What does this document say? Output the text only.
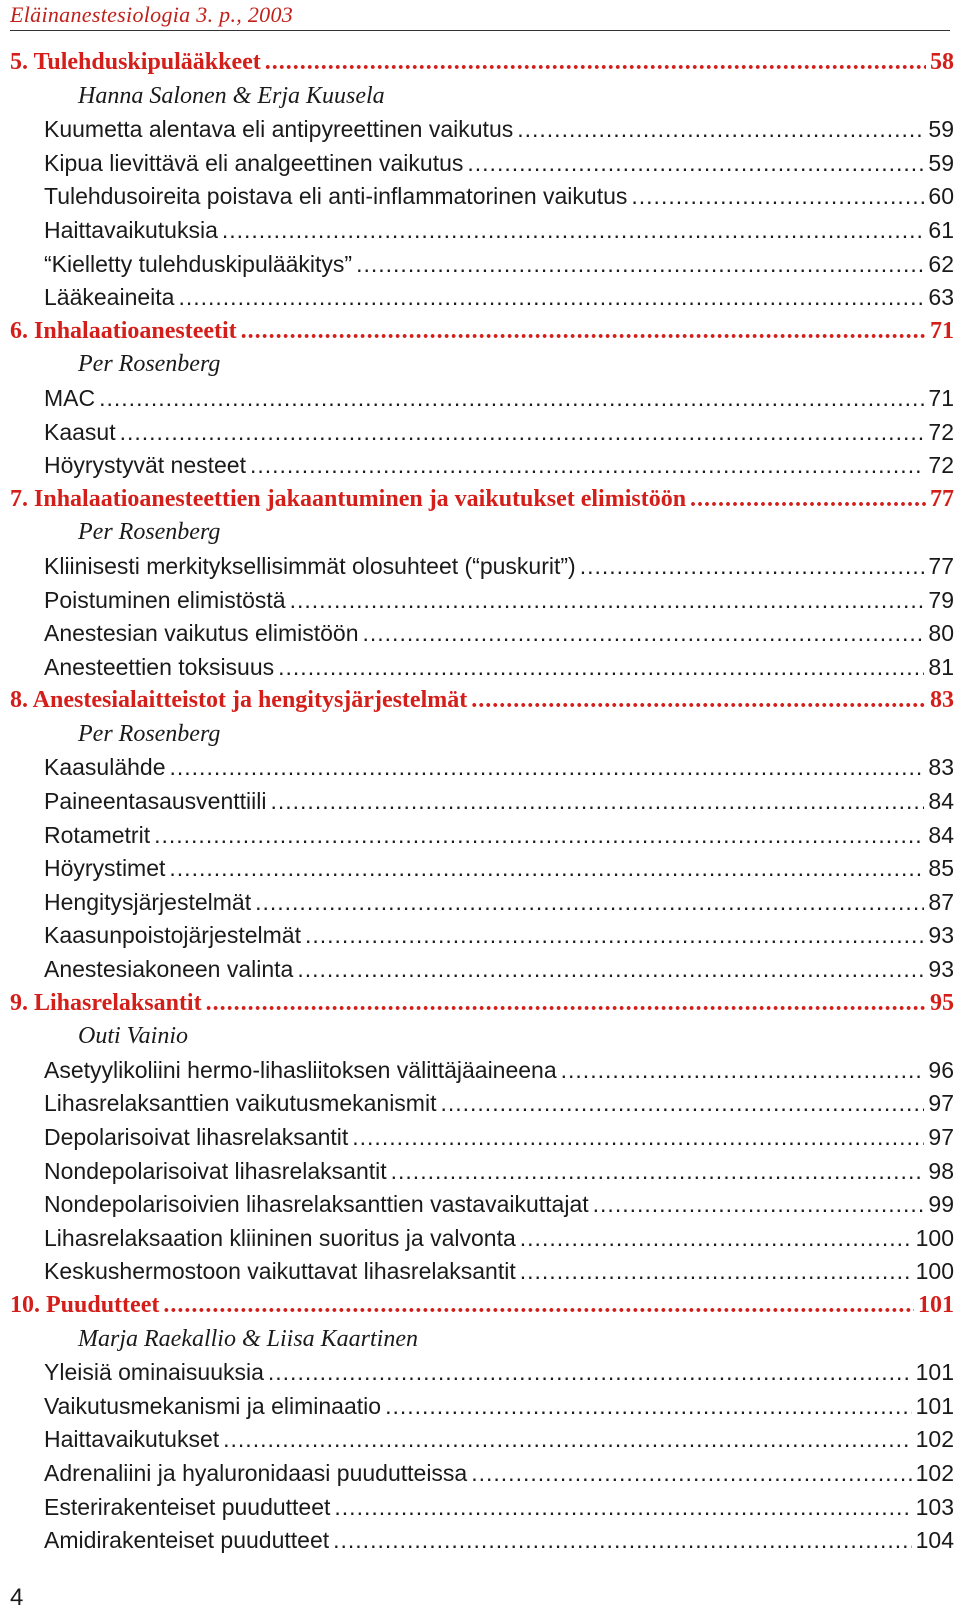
Eläinanestesiologia 3. p., 2003
5. Tulehduskipulääkkeet .....	58
Hanna Salonen & Erja Kuusela
Kuumetta alentava eli antipyreettinen vaikutus .....	59
Kipua lievittävä eli analgeettinen vaikutus .....	59
Tulehdusoireita poistava eli anti-inflammatorinen vaikutus .....	60
Haittavaikutuksia .....	61
“Kielletty tulehduskipulääkitys” .....	62
Lääkeaineita .....	63
6. Inhalaatioanesteetit .....	71
Per Rosenberg
MAC .....	71
Kaasut .....	72
Höyrystyvät nesteet .....	72
7. Inhalaatioanesteettien jakaantuminen ja vaikutukset elimistöön .....	77
Per Rosenberg
Kliinisesti merkityksellisimmät olosuhteet (“puskurit”) .....	77
Poistuminen elimistöstä .....	79
Anestesian vaikutus elimistöön .....	80
Anesteettien toksisuus .....	81
8. Anestesialaitteistot ja hengitysjärjestelmät .....	83
Per Rosenberg
Kaasulähde .....	83
Paineentasausventtiili .....	84
Rotametrit .....	84
Höyrystimet .....	85
Hengitysjärjestelmät .....	87
Kaasunpoistojärjestelmät .....	93
Anestesiakoneen valinta .....	93
9. Lihasrelaksantit .....	95
Outi Vainio
Asetyylikoliini hermo-lihasliitoksen välittäjäaineena .....	96
Lihasrelaksanttien vaikutusmekanismit .....	97
Depolarisoivat lihasrelaksantit .....	97
Nondepolarisoivat lihasrelaksantit .....	98
Nondepolarisoivien lihasrelaksanttien vastavaikuttajat .....	99
Lihasrelaksaation kliininen suoritus ja valvonta .....	100
Keskushermostoon vaikuttavat lihasrelaksantit .....	100
10. Puudutteet .....	101
Marja Raekallio & Liisa Kaartinen
Yleisiä ominaisuuksia .....	101
Vaikutusmekanismi ja eliminaatio .....	101
Haittavaikutukset .....	102
Adrenaliini ja hyaluronidaasi puudutteissa .....	102
Esterirakenteiset puudutteet .....	103
Amidirakenteiset puudutteet .....	104
4
